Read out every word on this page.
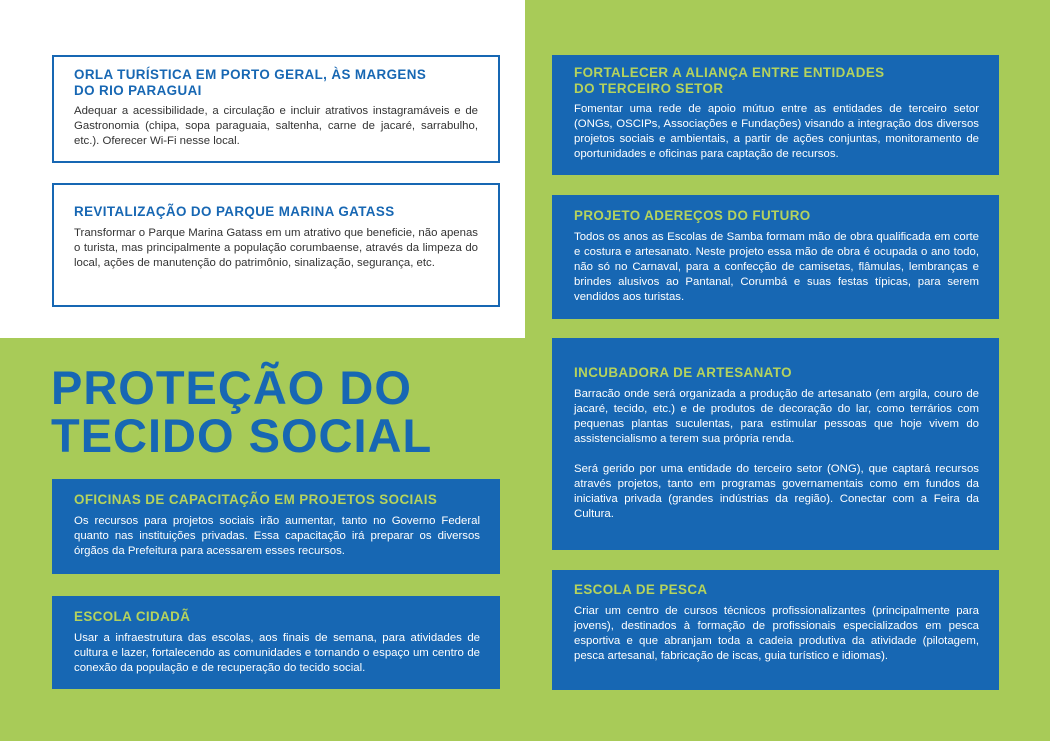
ORLA TURÍSTICA EM PORTO GERAL, ÀS MARGENS
DO RIO PARAGUAI

Adequar a acessibilidade, a circulação e incluir atrativos instagramáveis e de Gastronomia (chipa, sopa paraguaia, saltenha, carne de jacaré, sarrabulho, etc.). Oferecer Wi-Fi nesse local.

REVITALIZAÇÃO DO PARQUE MARINA GATASS

Transformar o Parque Marina Gatass em um atrativo que beneficie, não apenas o turista, mas principalmente a população corumbaense, através da limpeza do local, ações de manutenção do patrimônio, sinalização, segurança, etc.

PROTEÇÃO DO
TECIDO SOCIAL
OFICINAS DE CAPACITAÇÃO EM PROJETOS SOCIAIS

Os recursos para projetos sociais irão aumentar, tanto no Governo Federal quanto nas instituições privadas. Essa capacitação irá preparar os diversos órgãos da Prefeitura para acessarem esses recursos.

ESCOLA CIDADÃ

Usar a infraestrutura das escolas, aos finais de semana, para atividades de cultura e lazer, fortalecendo as comunidades e tornando o espaço um centro de conexão da população e de recuperação do tecido social.

FORTALECER A ALIANÇA ENTRE ENTIDADES
DO TERCEIRO SETOR

Fomentar uma rede de apoio mútuo entre as entidades de terceiro setor (ONGs, OSCIPs, Associações e Fundações) visando a integração dos diversos projetos sociais e ambientais, a partir de ações conjuntas, monitoramento de oportunidades e oficinas para captação de recursos.

PROJETO ADEREÇOS DO FUTURO

Todos os anos as Escolas de Samba formam mão de obra qualificada em corte e costura e artesanato. Neste projeto essa mão de obra é ocupada o ano todo, não só no Carnaval, para a confecção de camisetas, flâmulas, lembranças e brindes alusivos ao Pantanal, Corumbá e suas festas típicas, para serem vendidos aos turistas.

INCUBADORA DE ARTESANATO

Barracão onde será organizada a produção de artesanato (em argila, couro de jacaré, tecido, etc.) e de produtos de decoração do lar, como terrários com pequenas plantas suculentas, para estimular pessoas que hoje vivem do assistencialismo a terem sua própria renda.

Será gerido por uma entidade do terceiro setor (ONG), que captará recursos através projetos, tanto em programas governamentais como em fundos da iniciativa privada (grandes indústrias da região). Conectar com a Feira da Cultura.

ESCOLA DE PESCA

Criar um centro de cursos técnicos profissionalizantes (principalmente para jovens), destinados à formação de profissionais especializados em pesca esportiva e que abranjam toda a cadeia produtiva da atividade (pilotagem, pesca artesanal, fabricação de iscas, guia turístico e idiomas).
